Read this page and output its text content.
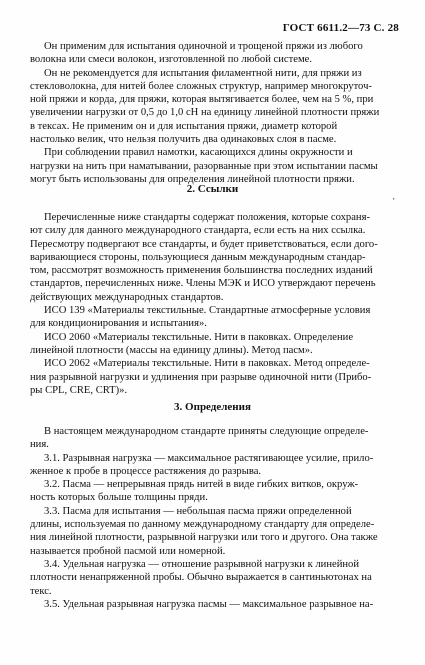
ГОСТ 6611.2—73 С. 28
Он применим для испытания одиночной и трощеной пряжи из любого
волокна или смеси волокон, изготовленной по любой системе.
Он не рекомендуется для испытания филаментной нити, для пряжи из
стекловолокна, для нитей более сложных структур, например многокруточ-
ной пряжи и корда, для пряжи, которая вытягивается более, чем на 5 %, при
увеличении нагрузки от 0,5 до 1,0 сН на единицу линейной плотности пряжи
в тексах. Не применим он и для испытания пряжи, диаметр которой
настолько велик, что нельзя получить два одинаковых слоя в пасме.
При соблюдении правил намотки, касающихся длины окружности и
нагрузки на нить при наматывании, разорванные при этом испытании пасмы
могут быть использованы для определения линейной плотности пряжи.
‚
2. Ссылки
Перечисленные ниже стандарты содержат положения, которые сохраня-
ют силу для данного международного стандарта, если есть на них ссылка.
Пересмотру подвергают все стандарты, и будет приветствоваться, если дого-
варивающиеся стороны, пользующиеся данным международным стандар-
том, рассмотрят возможность применения большинства последних изданий
стандартов, перечисленных ниже. Члены МЭК и ИСО утверждают перечень
действующих международных стандартов.
ИСО 139 «Материалы текстильные. Стандартные атмосферные условия
для кондиционирования и испытания».
ИСО 2060 «Материалы текстильные. Нити в паковках. Определение
линейной плотности (массы на единицу длины). Метод пасм».
ИСО 2062 «Материалы текстильные. Нити в паковках. Метод определе-
ния разрывной нагрузки и удлинения при разрыве одиночной нити (Прибо-
ры CPL, CRE, CRT)».
3. Определения
В настоящем международном стандарте приняты следующие определе-
ния.
3.1. Разрывная нагрузка — максимальное растягивающее усилие, прило-
женное к пробе в процессе растяжения до разрыва.
3.2. Пасма — непрерывная прядь нитей в виде гибких витков, окруж-
ность которых больше толщины пряди.
3.3. Пасма для испытания — небольшая пасма пряжи определенной
длины, используемая по данному международному стандарту для определе-
ния линейной плотности, разрывной нагрузки или того и другого. Она также
называется пробной пасмой или номерной.
3.4. Удельная нагрузка — отношение разрывной нагрузки к линейной
плотности ненапряженной пробы. Обычно выражается в сантиньютонах на
текс.
3.5. Удельная разрывная нагрузка пасмы — максимальное разрывное на-
